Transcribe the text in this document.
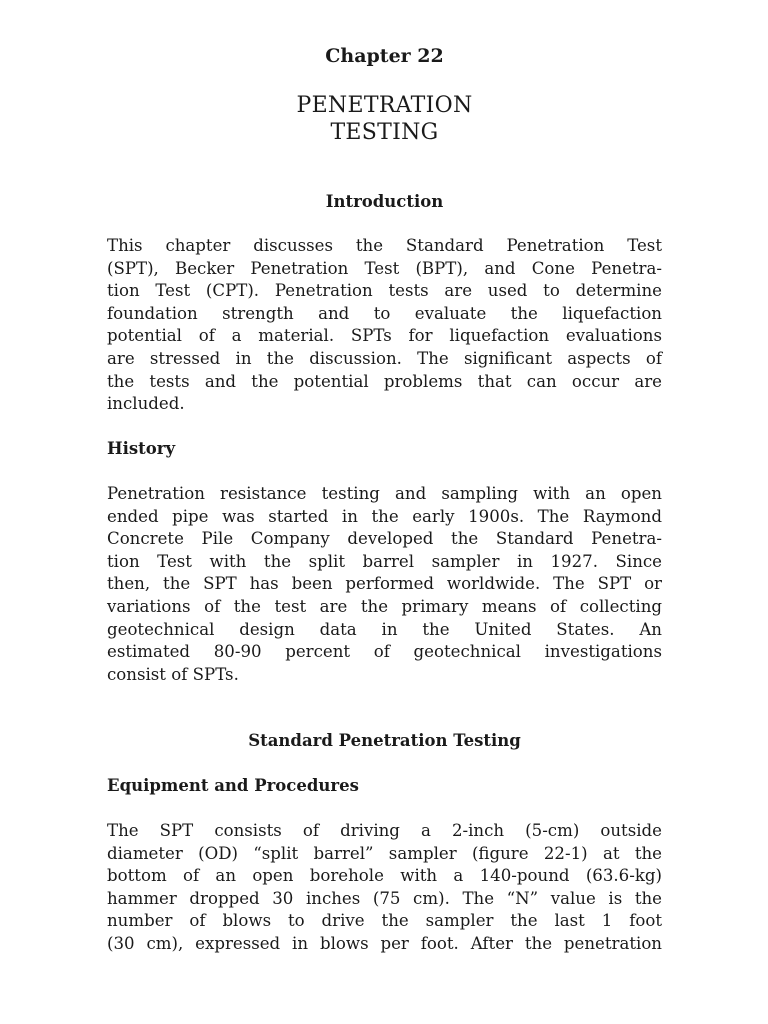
Chapter 22
PENETRATION
TESTING
Introduction
This chapter discusses the Standard Penetration Test
(SPT), Becker Penetration Test (BPT), and Cone Penetra-
tion Test (CPT). Penetration tests are used to determine
foundation strength and to evaluate the liquefaction
potential of a material. SPTs for liquefaction evaluations
are stressed in the discussion. The significant aspects of
the tests and the potential problems that can occur are
included.
History
Penetration resistance testing and sampling with an open
ended pipe was started in the early 1900s. The Raymond
Concrete Pile Company developed the Standard Penetra-
tion Test with the split barrel sampler in 1927. Since
then, the SPT has been performed worldwide. The SPT or
variations of the test are the primary means of collecting
geotechnical design data in the United States. An
estimated 80-90 percent of geotechnical investigations
consist of SPTs.
Standard Penetration Testing
Equipment and Procedures
The SPT consists of driving a 2-inch (5-cm) outside
diameter (OD) “split barrel” sampler (figure 22-1) at the
bottom of an open borehole with a 140-pound (63.6-kg)
hammer dropped 30 inches (75 cm). The “N” value is the
number of blows to drive the sampler the last 1 foot
(30 cm), expressed in blows per foot. After the penetration
